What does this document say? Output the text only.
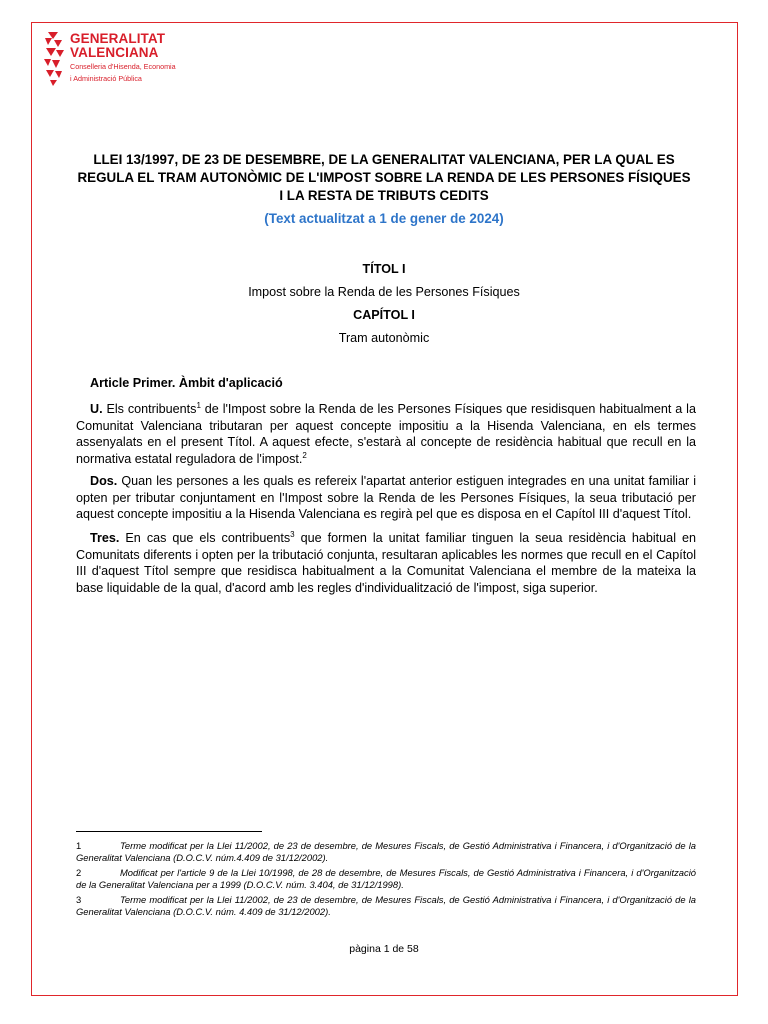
GENERALITAT
VALENCIANA
Conselleria d'Hisenda, Economia
i Administració Pública
LLEI 13/1997, DE 23 DE DESEMBRE, DE LA GENERALITAT VALENCIANA, PER LA QUAL ES REGULA EL TRAM AUTONÒMIC DE L'IMPOST SOBRE LA RENDA DE LES PERSONES FÍSIQUES I LA RESTA DE TRIBUTS CEDITS
(Text actualitzat a 1 de gener de 2024)
TÍTOL I
Impost sobre la Renda de les Persones Físiques
CAPÍTOL I
Tram autonòmic
Article Primer. Àmbit d'aplicació
U. Els contribuents$^1$ de l'Impost sobre la Renda de les Persones Físiques que residisquen habitualment a la Comunitat Valenciana tributaran per aquest concepte impositiu a la Hisenda Valenciana, en els termes assenyalats en el present Títol. A aquest efecte, s'estarà al concepte de residència habitual que recull en la normativa estatal reguladora de l'impost.$^2$
Dos. Quan les persones a les quals es refereix l'apartat anterior estiguen integrades en una unitat familiar i opten per tributar conjuntament en l'Impost sobre la Renda de les Persones Físiques, la seua tributació per aquest concepte impositiu a la Hisenda Valenciana es regirà pel que es disposa en el Capítol III d'aquest Títol.
Tres. En cas que els contribuents$^3$ que formen la unitat familiar tinguen la seua residència habitual en Comunitats diferents i opten per la tributació conjunta, resultaran aplicables les normes que recull en el Capítol III d'aquest Títol sempre que residisca habitualment a la Comunitat Valenciana el membre de la mateixa la base liquidable de la qual, d'acord amb les regles d'individualització de l'impost, siga superior.
1	Terme modificat per la Llei 11/2002, de 23 de desembre, de Mesures Fiscals, de Gestió Administrativa i Financera, i d'Organització de la Generalitat Valenciana (D.O.C.V. núm.4.409 de 31/12/2002).
2	Modificat per l'article 9 de la Llei 10/1998, de 28 de desembre, de Mesures Fiscals, de Gestió Administrativa i Financera, i d'Organització de la Generalitat Valenciana per a 1999 (D.O.C.V. núm. 3.404, de 31/12/1998).
3	Terme modificat per la Llei 11/2002, de 23 de desembre, de Mesures Fiscals, de Gestió Administrativa i Financera, i d'Organització de la Generalitat Valenciana (D.O.C.V. núm. 4.409 de 31/12/2002).
pàgina 1 de 58
